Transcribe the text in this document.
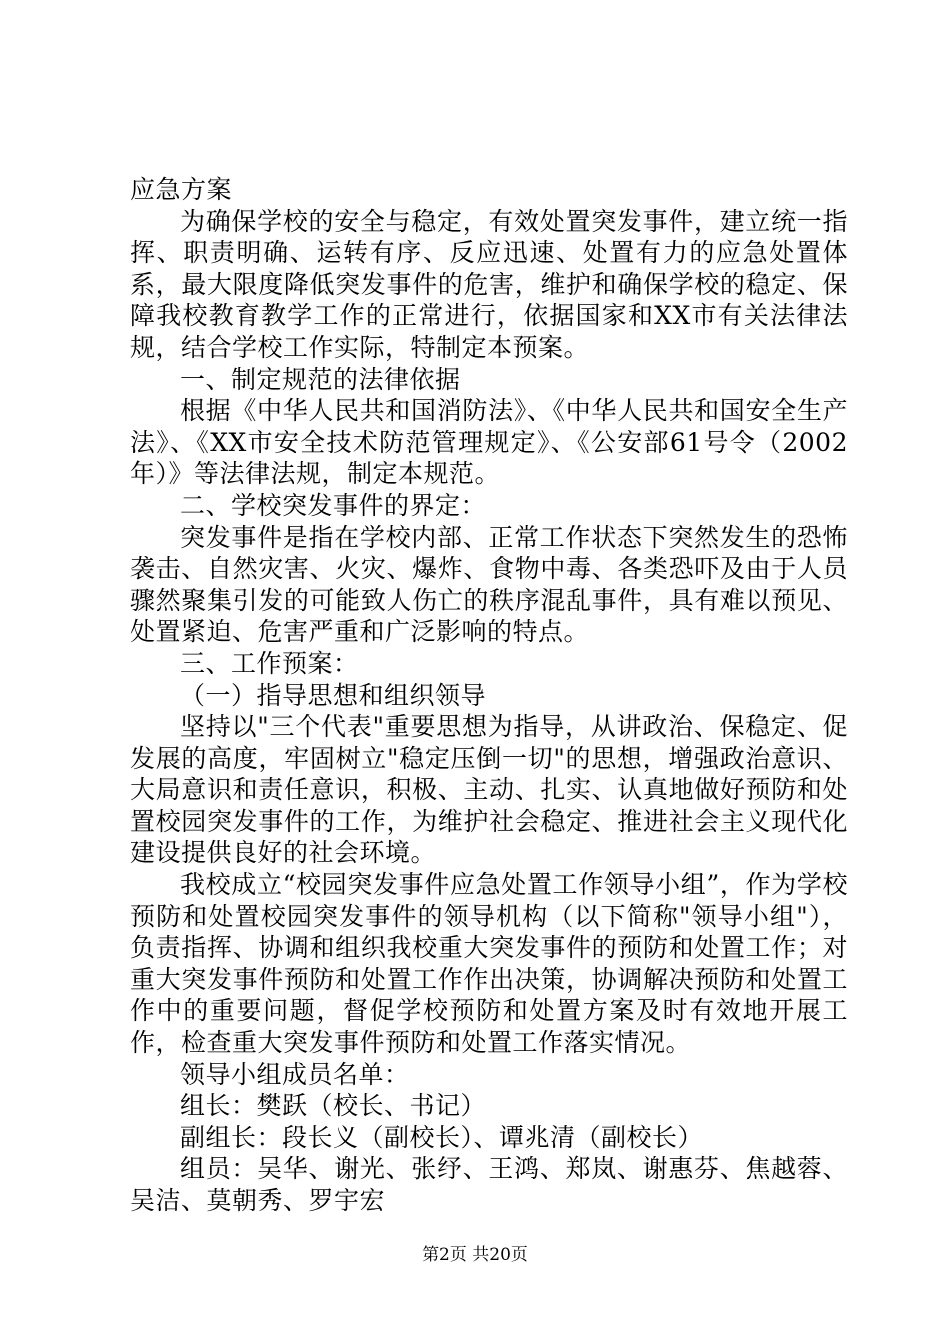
应急方案

为确保学校的安全与稳定，有效处置突发事件，建立统一指挥、职责明确、运转有序、反应迅速、处置有力的应急处置体系，最大限度降低突发事件的危害，维护和确保学校的稳定、保障我校教育教学工作的正常进行，依据国家和XX市有关法律法规，结合学校工作实际，特制定本预案。

一、制定规范的法律依据

根据《中华人民共和国消防法》、《中华人民共和国安全生产法》、《XX市安全技术防范管理规定》、《公安部61号令（2002年）》等法律法规，制定本规范。

二、学校突发事件的界定：

突发事件是指在学校内部、正常工作状态下突然发生的恐怖袭击、自然灾害、火灾、爆炸、食物中毒、各类恐吓及由于人员骤然聚集引发的可能致人伤亡的秩序混乱事件，具有难以预见、处置紧迫、危害严重和广泛影响的特点。

三、工作预案：

（一）指导思想和组织领导

坚持以"三个代表"重要思想为指导，从讲政治、保稳定、促发展的高度，牢固树立"稳定压倒一切"的思想，增强政治意识、大局意识和责任意识，积极、主动、扎实、认真地做好预防和处置校园突发事件的工作，为维护社会稳定、推进社会主义现代化建设提供良好的社会环境。

我校成立“校园突发事件应急处置工作领导小组”，作为学校预防和处置校园突发事件的领导机构（以下简称"领导小组"），负责指挥、协调和组织我校重大突发事件的预防和处置工作；对重大突发事件预防和处置工作作出决策，协调解决预防和处置工作中的重要问题，督促学校预防和处置方案及时有效地开展工作，检查重大突发事件预防和处置工作落实情况。

领导小组成员名单：

组长：樊跃（校长、书记）

副组长：段长义（副校长）、谭兆清（副校长）

组员：吴华、谢光、张纾、王鸿、郑岚、谢惠芬、焦越蓉、吴洁、莫朝秀、罗宇宏

第2页 共20页
